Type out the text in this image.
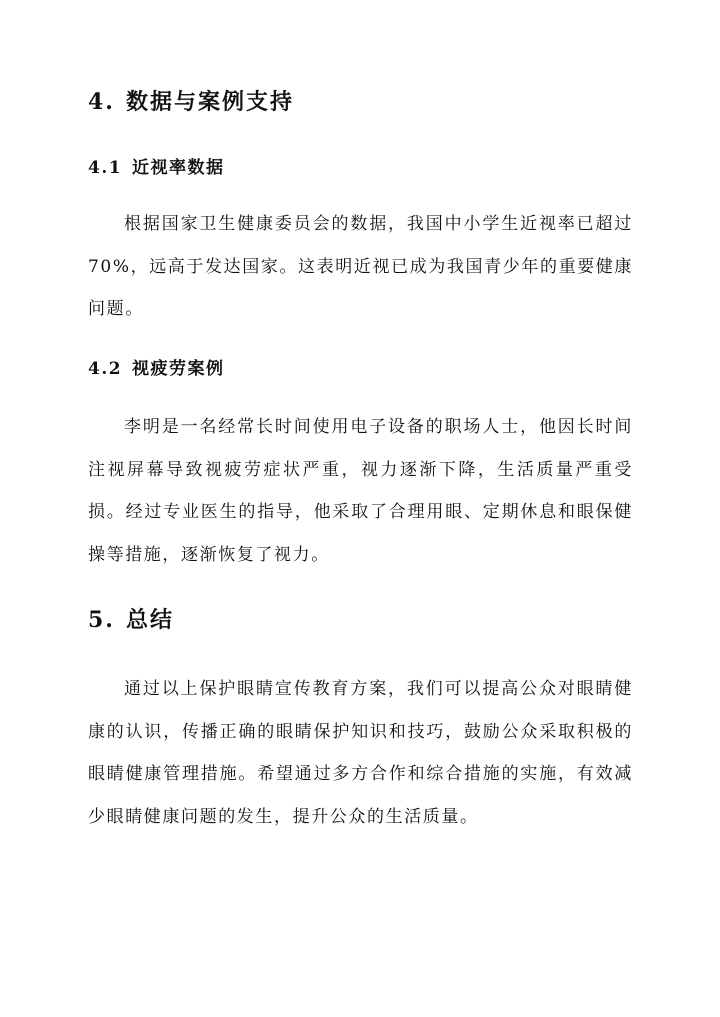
4. 数据与案例支持
4.1 近视率数据

根据国家卫生健康委员会的数据，我国中小学生近视率已超过70%，远高于发达国家。这表明近视已成为我国青少年的重要健康问题。

4.2 视疲劳案例

李明是一名经常长时间使用电子设备的职场人士，他因长时间注视屏幕导致视疲劳症状严重，视力逐渐下降，生活质量严重受损。经过专业医生的指导，他采取了合理用眼、定期休息和眼保健操等措施，逐渐恢复了视力。

5. 总结

通过以上保护眼睛宣传教育方案，我们可以提高公众对眼睛健康的认识，传播正确的眼睛保护知识和技巧，鼓励公众采取积极的眼睛健康管理措施。希望通过多方合作和综合措施的实施，有效减少眼睛健康问题的发生，提升公众的生活质量。
